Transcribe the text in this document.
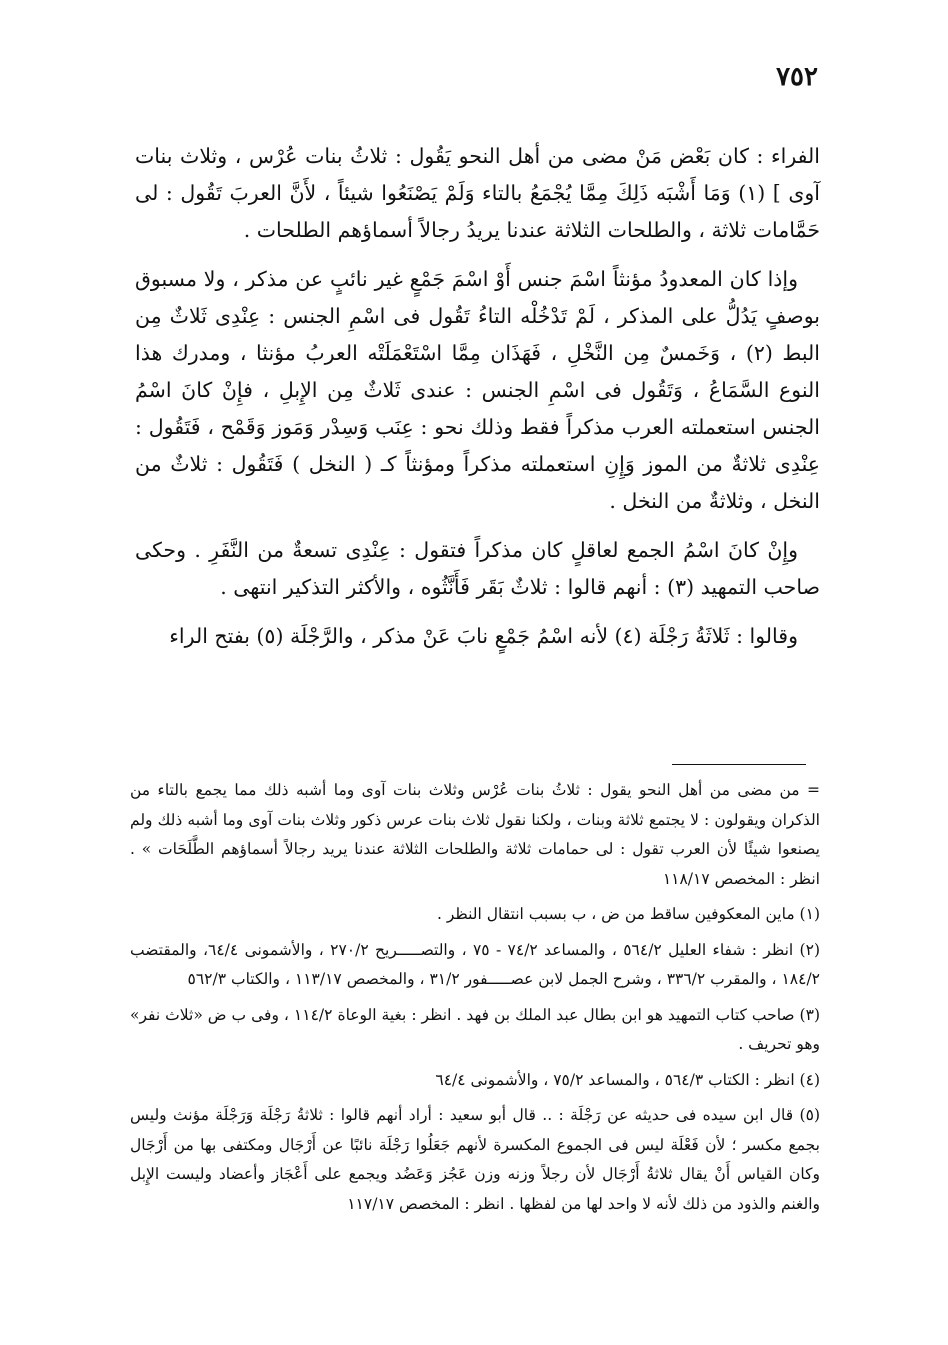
٧٥٢

الفراء : كان بَعْض مَنْ مضى من أهل النحو يَقُول : ثلاثُ بنات عُرْس ، وثلاث بنات آوى ] (١) وَمَا أَشْبَه ذَلِكَ مِمَّا يُجْمَعُ بالتاء وَلَمْ يَصْنَعُوا شيئاً ، لأَنَّ العربَ تَقُول : لى حَمَّامات ثلاثة ، والطلحات الثلاثة عندنا يريدُ رجالاً أسماؤهم الطلحات .

وإذا كان المعدودُ مؤنثاً اسْمَ جنس أَوْ اسْمَ جَمْعٍ غير نائبٍ عن مذكر ، ولا مسبوق بوصفٍ يَدُلُّ على المذكر ، لَمْ تَدْخُلْه التاءُ تَقُول فى اسْمِ الجنس : عِنْدِى ثَلاثٌ مِن البط (٢) ، وَخَمسٌ مِن النَّخْلِ ، فَهَذَان مِمَّا اسْتَعْمَلَتْه العربُ مؤنثا ، ومدرك هذا النوع السَّمَاعُ ، وَتَقُول فى اسْمِ الجنس : عندى ثَلاثٌ مِن الإِبلِ ، فإِنْ كانَ اسْمُ الجنس استعملته العرب مذكراً فقط وذلك نحو : عِنَب وَسِدْر وَمَوز وَقَمْح ، فَتَقُول : عِنْدِى ثلاثةٌ من الموز وَإِنِ استعملته مذكراً ومؤنثاً كـ ( النخل ) فَتَقُول : ثلاثٌ من النخل ، وثلاثةٌ من النخل .

وإِنْ كانَ اسْمُ الجمع لعاقلٍ كان مذكراً فتقول : عِنْدِى تسعةٌ من النَّفَرِ . وحكى صاحب التمهيد (٣) : أنهم قالوا : ثلاثٌ بَقَر فَأَنَّثُوه ، والأكثر التذكير انتهى .

وقالوا : ثَلاثَةُ رَجْلَة (٤) لأنه اسْمُ جَمْعٍ نابَ عَنْ مذكر ، والرَّجْلَة (٥) بفتح الراء

= من مضى من أهل النحو يقول : ثلاثُ بنات عُرْس وثلاث بنات آوى وما أشبه ذلك مما يجمع بالتاء من الذكران ويقولون : لا يجتمع ثلاثة وبنات ، ولكنا نقول ثلاث بنات عرس ذكور وثلاث بنات آوى وما أشبه ذلك ولم يصنعوا شيئًا لأن العرب تقول : لى حمامات ثلاثة والطلحات الثلاثة عندنا يريد رجالاً أسماؤهم الطَّلَحَات » . انظر : المخصص ١١٨/١٧

(١) ماين المعكوفين ساقط من ض ، ب بسبب انتقال النظر .

(٢) انظر : شفاء العليل ٥٦٤/٢ ، والمساعد ٧٤/٢ - ٧٥ ، والتصـــــريح ٢٧٠/٢ ، والأشمونى ٦٤/٤، والمقتضب ١٨٤/٢ ، والمقرب ٣٣٦/٢ ، وشرح الجمل لابن عصـــــفور ٣١/٢ ، والمخصص ١١٣/١٧ ، والكتاب ٥٦٢/٣

(٣) صاحب كتاب التمهيد هو ابن بطال عبد الملك بن فهد . انظر : بغية الوعاة ١١٤/٢ ، وفى ب ض «ثلاث نفر» وهو تحريف .

(٤) انظر : الكتاب ٥٦٤/٣ ، والمساعد ٧٥/٢ ، والأشمونى ٦٤/٤

(٥) قال ابن سيده فى حديثه عن رَجْلَة : .. قال أبو سعيد : أراد أنهم قالوا : ثلاثةُ رَجْلَة وَرَجْلَة مؤنث وليس بجمع مكسر ؛ لأن فَعْلَة ليس فى الجموع المكسرة لأنهم جَعَلُوا رَجْلَة نائبًا عن أَرْجَال ومكتفى بها من أَرْجَال وكان القياس أَنْ يقال ثلاثةُ أَرْجَال لأن رجلاً وزنه وزن عَجُز وَعَضُد ويجمع على أَعْجَاز وأعضاد وليست الإِبل والغنم والذود من ذلك لأنه لا واحد لها من لفظها . انظر : المخصص ١١٧/١٧
